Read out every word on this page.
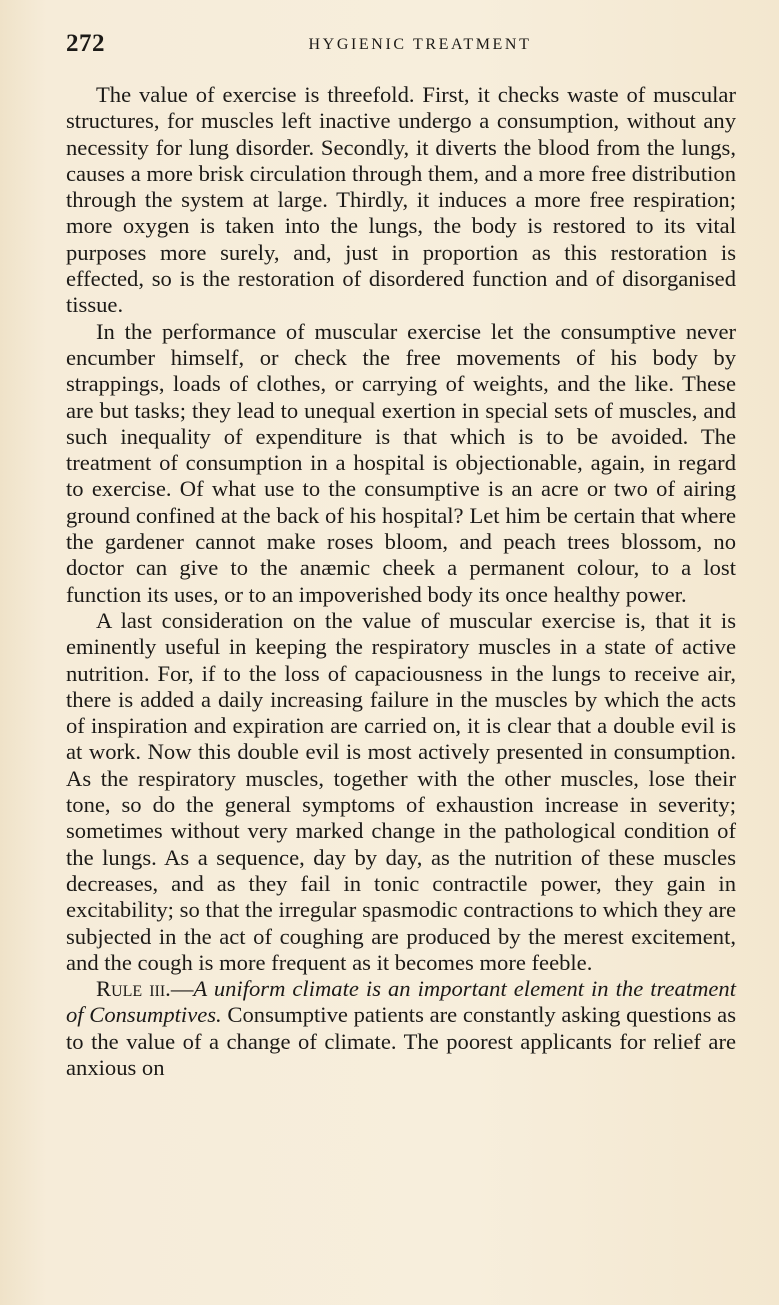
272	HYGIENIC TREATMENT

The value of exercise is threefold. First, it checks waste of muscular structures, for muscles left inactive undergo a consumption, without any necessity for lung disorder. Secondly, it diverts the blood from the lungs, causes a more brisk circulation through them, and a more free distribution through the system at large. Thirdly, it induces a more free respiration; more oxygen is taken into the lungs, the body is restored to its vital purposes more surely, and, just in proportion as this restoration is effected, so is the restoration of disordered function and of disorganised tissue.

In the performance of muscular exercise let the consumptive never encumber himself, or check the free movements of his body by strappings, loads of clothes, or carrying of weights, and the like. These are but tasks; they lead to unequal exertion in special sets of muscles, and such inequality of expenditure is that which is to be avoided. The treatment of consumption in a hospital is objectionable, again, in regard to exercise. Of what use to the consumptive is an acre or two of airing ground confined at the back of his hospital? Let him be certain that where the gardener cannot make roses bloom, and peach trees blossom, no doctor can give to the anæmic cheek a permanent colour, to a lost function its uses, or to an impoverished body its once healthy power.

A last consideration on the value of muscular exercise is, that it is eminently useful in keeping the respiratory muscles in a state of active nutrition. For, if to the loss of capaciousness in the lungs to receive air, there is added a daily increasing failure in the muscles by which the acts of inspiration and expiration are carried on, it is clear that a double evil is at work. Now this double evil is most actively presented in consumption. As the respiratory muscles, together with the other muscles, lose their tone, so do the general symptoms of exhaustion increase in severity; sometimes without very marked change in the pathological condition of the lungs. As a sequence, day by day, as the nutrition of these muscles decreases, and as they fail in tonic contractile power, they gain in excitability; so that the irregular spasmodic contractions to which they are subjected in the act of coughing are produced by the merest excitement, and the cough is more frequent as it becomes more feeble.

Rule iii.—A uniform climate is an important element in the treatment of Consumptives. Consumptive patients are constantly asking questions as to the value of a change of climate. The poorest applicants for relief are anxious on
